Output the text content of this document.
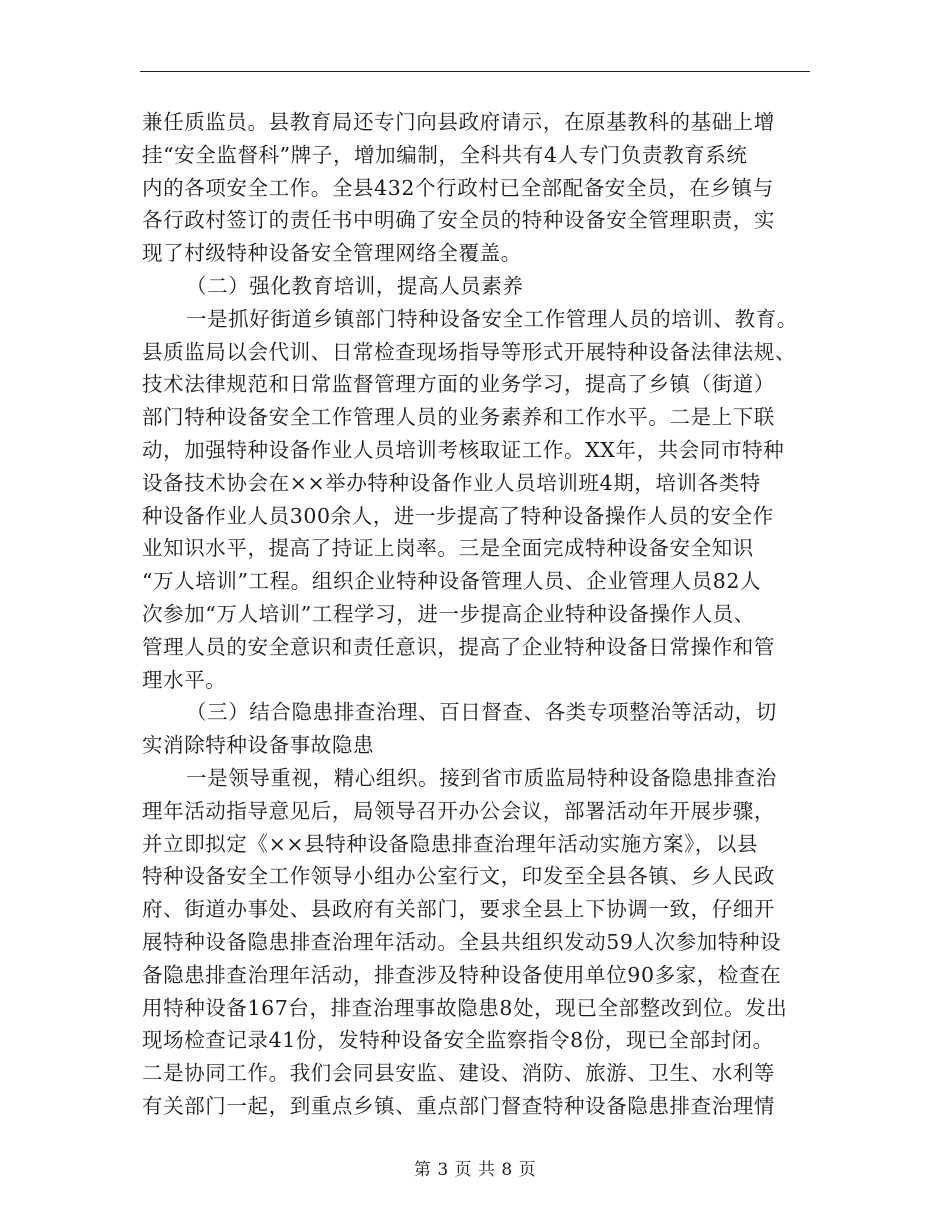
兼任质监员。县教育局还专门向县政府请示，在原基教科的基础上增
挂“安全监督科”牌子，增加编制，全科共有4人专门负责教育系统
内的各项安全工作。全县432个行政村已全部配备安全员，在乡镇与
各行政村签订的责任书中明确了安全员的特种设备安全管理职责，实
现了村级特种设备安全管理网络全覆盖。
（二）强化教育培训，提高人员素养
一是抓好街道乡镇部门特种设备安全工作管理人员的培训、教育。
县质监局以会代训、日常检查现场指导等形式开展特种设备法律法规、
技术法律规范和日常监督管理方面的业务学习，提高了乡镇（街道）
部门特种设备安全工作管理人员的业务素养和工作水平。二是上下联
动，加强特种设备作业人员培训考核取证工作。XX年，共会同市特种
设备技术协会在××举办特种设备作业人员培训班4期，培训各类特
种设备作业人员300余人，进一步提高了特种设备操作人员的安全作
业知识水平，提高了持证上岗率。三是全面完成特种设备安全知识
“万人培训”工程。组织企业特种设备管理人员、企业管理人员82人
次参加“万人培训”工程学习，进一步提高企业特种设备操作人员、
管理人员的安全意识和责任意识，提高了企业特种设备日常操作和管
理水平。
（三）结合隐患排查治理、百日督查、各类专项整治等活动，切
实消除特种设备事故隐患
一是领导重视，精心组织。接到省市质监局特种设备隐患排查治
理年活动指导意见后，局领导召开办公会议，部署活动年开展步骤，
并立即拟定《××县特种设备隐患排查治理年活动实施方案》，以县
特种设备安全工作领导小组办公室行文，印发至全县各镇、乡人民政
府、街道办事处、县政府有关部门，要求全县上下协调一致，仔细开
展特种设备隐患排查治理年活动。全县共组织发动59人次参加特种设
备隐患排查治理年活动，排查涉及特种设备使用单位90多家，检查在
用特种设备167台，排查治理事故隐患8处，现已全部整改到位。发出
现场检查记录41份，发特种设备安全监察指令8份，现已全部封闭。
二是协同工作。我们会同县安监、建设、消防、旅游、卫生、水利等
有关部门一起，到重点乡镇、重点部门督查特种设备隐患排查治理情
第 3 页 共 8 页
